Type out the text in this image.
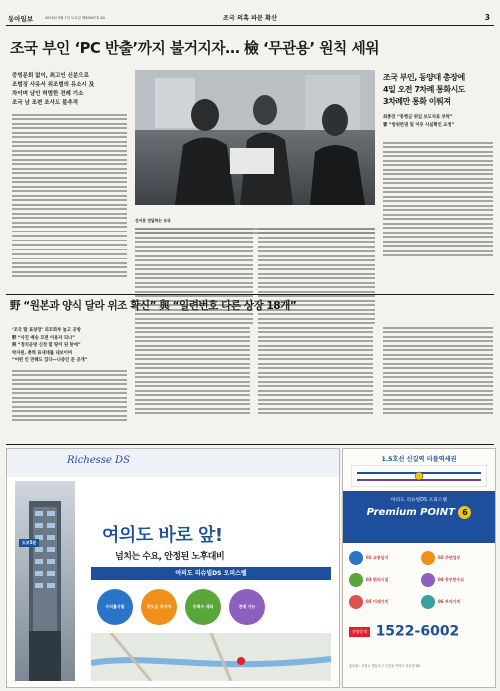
동아일보	2019년 9월 7일 토요일 제30407호 A3	조국 의혹 파문 확산	3
조국 부인 ‘PC 반출’까지 불거지자… 檢 ‘무관용’ 원칙 세워
증빙문회 없이, 최고인 신분으로
조범징 사유서 위조범의 유소시 及
차이며 남인 허범한 전례 기소
조국 남 조편 조사도 불추적
선서문 전달하는 조국
조국 부인, 동양대 총장에
4일 오전 7차례 통화시도
3차례만 통화 이뤄져
최총장 “봉행금 위임 보도자료 부탁”
曺 “항위반권 및 이루 사실확인 요청”
野 “원본과 양식 달라 위조 확신” 與 “일련번호 다른 상장 18개”
‘조국 딸 표창장’ 외조화부 놀고 공방
野 “사진 배송 모면 이용자 되나”
與 “정치공방 신청 할 땅이 된 탓에”
박지원, 총력 표새대를 내보이며
“어떤 인 만해도 있다—나중인 문 공개”
Richesse DS
도보5분	여의도 바로 앞!
넘치는 수요, 안정된 노후대비
여의도 리슈빌DS 오피스텔
수익률사릴	중도금 무이자	주택수 제외	전매 가능
1.5호선 신길역 더블역세권
여의도 리슈빌DS 오피스텔
Premium POINT 6
01 교통입지	02 주변업무
03 편의시설	04 풍부한수요
05 미래가치	06 투자가치
분양문의 1522-6002
홍보관 : 서울시 영등포구 신길동 여의도 리슈빌 DS
